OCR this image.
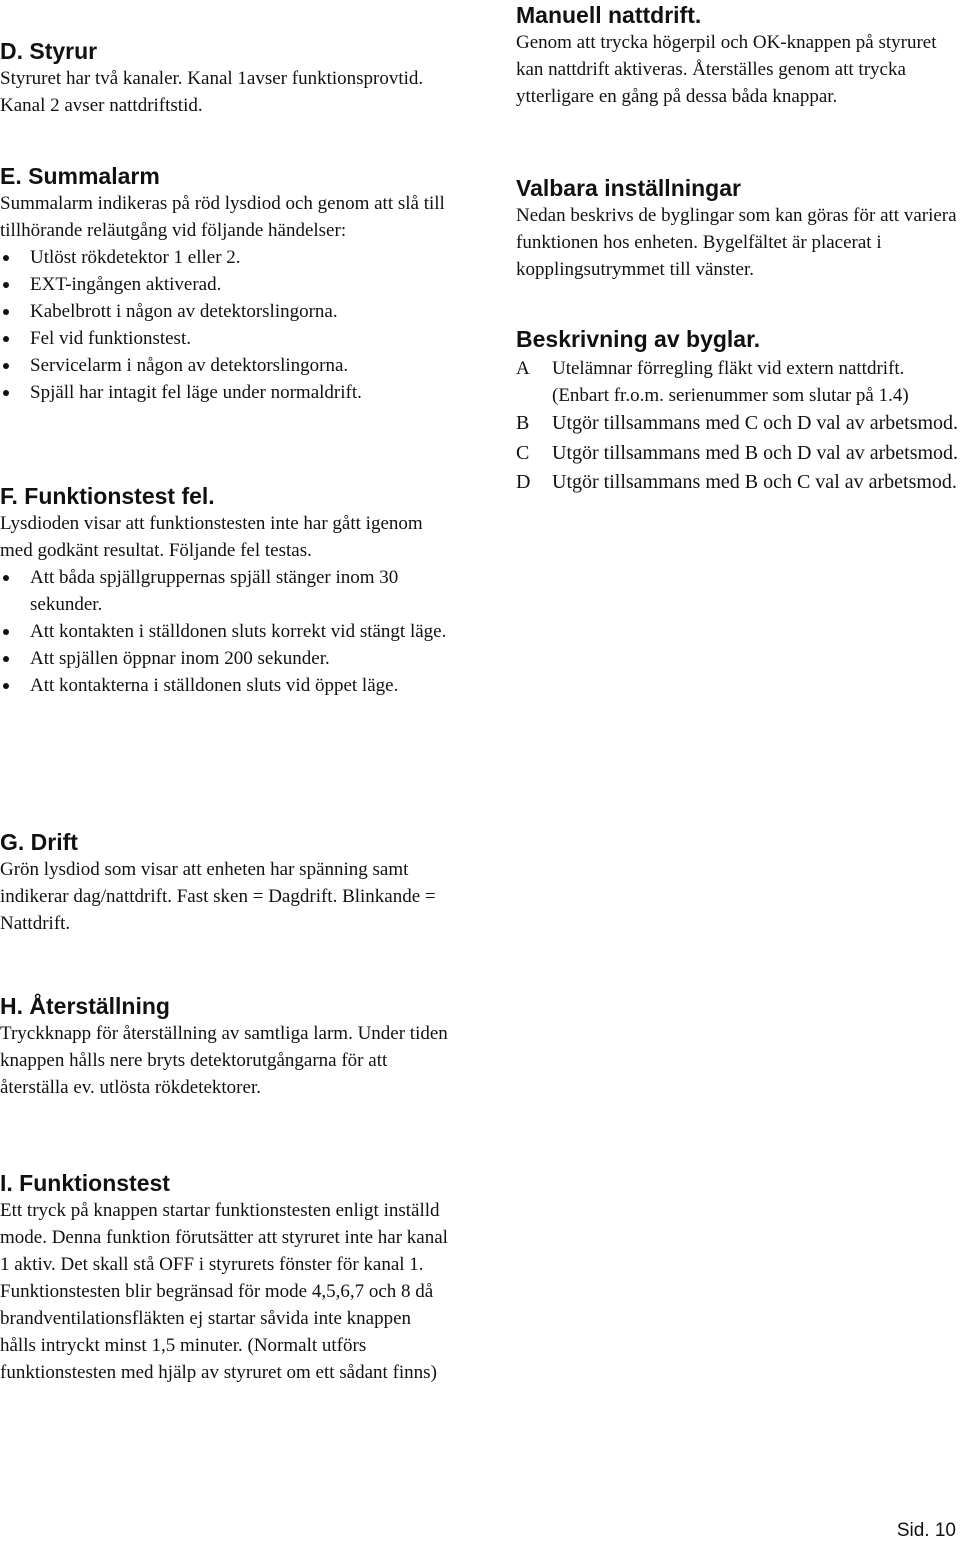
D. Styrur

Styruret har två kanaler. Kanal 1avser funktionsprovtid. Kanal 2 avser nattdriftstid.

E. Summalarm

Summalarm indikeras på röd lysdiod och genom att slå till tillhörande reläutgång vid följande händelser:

Utlöst rökdetektor 1 eller 2.
EXT-ingången aktiverad.
Kabelbrott i någon av detektorslingorna.
Fel vid funktionstest.
Servicelarm i någon av detektorslingorna.
Spjäll har intagit fel läge under normaldrift.
F. Funktionstest fel.

Lysdioden visar att funktionstesten inte har gått igenom med godkänt resultat. Följande fel testas.

Att båda spjällgruppernas spjäll stänger inom 30 sekunder.
Att kontakten i ställdonen sluts korrekt vid stängt läge.
Att spjällen öppnar inom 200 sekunder.
Att kontakterna i ställdonen sluts vid öppet läge.
G. Drift

Grön lysdiod som visar att enheten har spänning samt indikerar dag/nattdrift. Fast sken = Dagdrift. Blinkande = Nattdrift.

H. Återställning

Tryckknapp för återställning av samtliga larm. Under tiden knappen hålls nere bryts detektorutgångarna för att återställa ev. utlösta rökdetektorer.

I. Funktionstest

Ett tryck på knappen startar funktionstesten enligt inställd mode. Denna funktion förutsätter att styruret inte har kanal 1 aktiv. Det skall stå OFF i styrurets fönster för kanal 1. Funktionstesten blir begränsad för mode 4,5,6,7 och 8 då brandventilationsfläkten ej startar såvida inte knappen hålls intryckt minst 1,5 minuter. (Normalt utförs funktionstesten med hjälp av styruret om ett sådant finns)

Manuell nattdrift.

Genom att trycka högerpil och OK-knappen på styruret kan nattdrift aktiveras. Återställes genom att trycka ytterligare en gång på dessa båda knappar.

Valbara inställningar

Nedan beskrivs de byglingar som kan göras för att variera funktionen hos enheten. Bygelfältet är placerat i kopplingsutrymmet till vänster.

Beskrivning av byglar.
A Utelämnar förregling fläkt vid extern nattdrift. (Enbart fr.o.m. serienummer som slutar på 1.4)
B Utgör tillsammans med C och D val av arbetsmod.
C Utgör tillsammans med B och D val av arbetsmod.
D Utgör tillsammans med B och C val av arbetsmod.
Sid. 10
